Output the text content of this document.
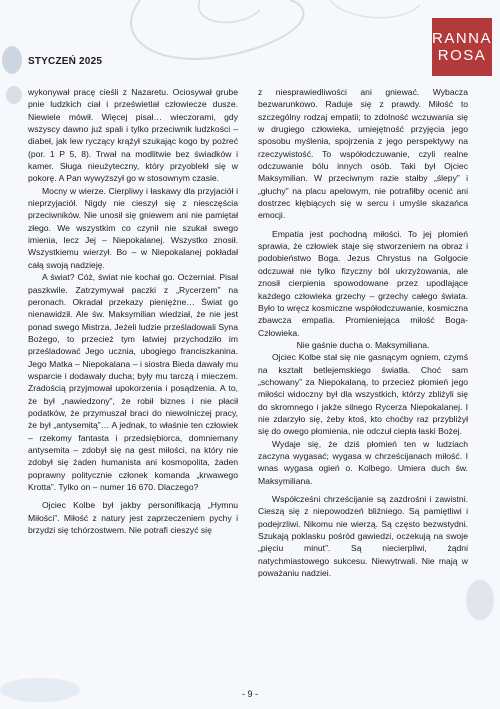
STYCZEŃ 2025
RANNA
ROSA

wykonywał pracę cieśli z Nazaretu. Ociosywał grube pnie ludzkich ciał i prześwietlał człowiecze dusze. Niewiele mówił. Więcej pisał… wieczorami, gdy wszyscy dawno już spali i tylko przeciwnik ludzkości – diabeł, jak lew ryczący krążył szukając kogo by pożreć (por. 1 P 5, 8). Trwał na modlitwie bez świadków i kamer. Sługa nieużyteczny, który przyoblekł się w pokorę. A Pan wywyższył go w stosownym czasie.

Mocny w wierze. Cierpliwy i łaskawy dla przyjaciół i nieprzyjaciół. Nigdy nie cieszył się z niesczęścia przeciwników. Nie unosił się gniewem ani nie pamiętał złego. We wszystkim co czynił nie szukał swego imienia, lecz Jej – Niepokalanej. Wszystko znosił. Wszystkiemu wierzył. Bo – w Niepokalanej pokładał całą swoją nadzieję.

A świat? Cóż, świat nie kochał go. Oczerniał. Pisał paszkwile. Zatrzymywał paczki z „Rycerzem” na peronach. Okradał przekazy pieniężne… Świat go nienawidził. Ale św. Maksymilian wiedział, że nie jest ponad swego Mistrza. Jeżeli ludzie prześladowali Syna Bożego, to przecież tym łatwiej przychodziło im prześladować Jego ucznia, ubogiego franciszkanina. Jego Matka – Niepokalana – i siostra Bieda dawały mu wsparcie i dodawały ducha; były mu tarczą i mieczem. Zradością przyjmował upokorzenia i posądzenia. A to, że był „nawiedzony”, że robił biznes i nie płacił podatków, że przymuszał braci do niewolniczej pracy, że był „antysemitą”… A jednak, to właśnie ten człowiek – rzekomy fantasta i przedsiębiorca, domniemany antysemita – zdobył się na gest miłości, na który nie zdobył się żaden humanista ani kosmopolita, żaden poprawny politycznie członek komanda „krwawego Krotta”. Tylko on – numer 16 670. Dlaczego?

Ojciec Kolbe był jakby personifikacją „Hymnu Miłości”. Miłość z natury jest zaprzeczeniem pychy i brzydzi się tchórzostwem. Nie potrafi cieszyć się

z niesprawiedliwości ani gniewać. Wybacza bezwarunkowo. Raduje się z prawdy. Miłość to szczególny rodzaj empatii; to zdolność wczuwania się w drugiego człowieka, umiejętność przyjęcia jego sposobu myślenia, spojrzenia z jego perspektywy na rzeczywistość. To współodczuwanie, czyli realne odczuwanie bólu innych osób. Taki był Ojciec Maksymilian. W przeciwnym razie stałby „ślepy” i „głuchy” na placu apelowym, nie potrafiłby ocenić ani dostrzec kłębiących się w sercu i umyśle skazańca emocji.

Empatia jest pochodną miłości. To jej płomień sprawia, że człowiek staje się stworzeniem na obraz i podobieństwo Boga. Jezus Chrystus na Golgocie odczuwał nie tylko fizyczny ból ukrzyżowania, ale znosił cierpienia spowodowane przez upodlające każdego człowieka grzechy – grzechy całego świata. Było to wręcz kosmiczne współodczuwanie, kosmiczna zbawcza empatia. Promieniejąca miłość Boga-Człowieka.

Nie gaśnie ducha o. Maksymiliana.

Ojciec Kolbe stał się nie gasnącym ogniem, czymś na kształt betlejemskiego światła. Choć sam „schowany” za Niepokalaną, to przecież płomień jego miłości widoczny był dla wszystkich, którzy zbliżyli się do skromnego i jakże silnego Rycerza Niepokalanej. I nie zdarzyło się, żeby ktoś, kto choćby raz przybliżył się do owego płomienia, nie odczuł ciepła łaski Bożej.

Wydaje się, że dziś płomień ten w ludziach zaczyna wygasać; wygasa w chrześcijanach miłość. I wnas wygasa ogień o. Kolbego. Umiera duch św. Maksymiliana.

Współcześni chrześcijanie są zazdrośni i zawistni. Cieszą się z niepowodzeń bliźniego. Są pamiętliwi i podejrzliwi. Nikomu nie wierzą. Są często bezwstydni. Szukają poklasku pośród gawiedzi, oczekują na swoje „pięciu minut”. Są niecierpliwi, żądni natychmiastowego sukcesu. Niewytrwali. Nie mają w poważaniu nadziei.

- 9 -
